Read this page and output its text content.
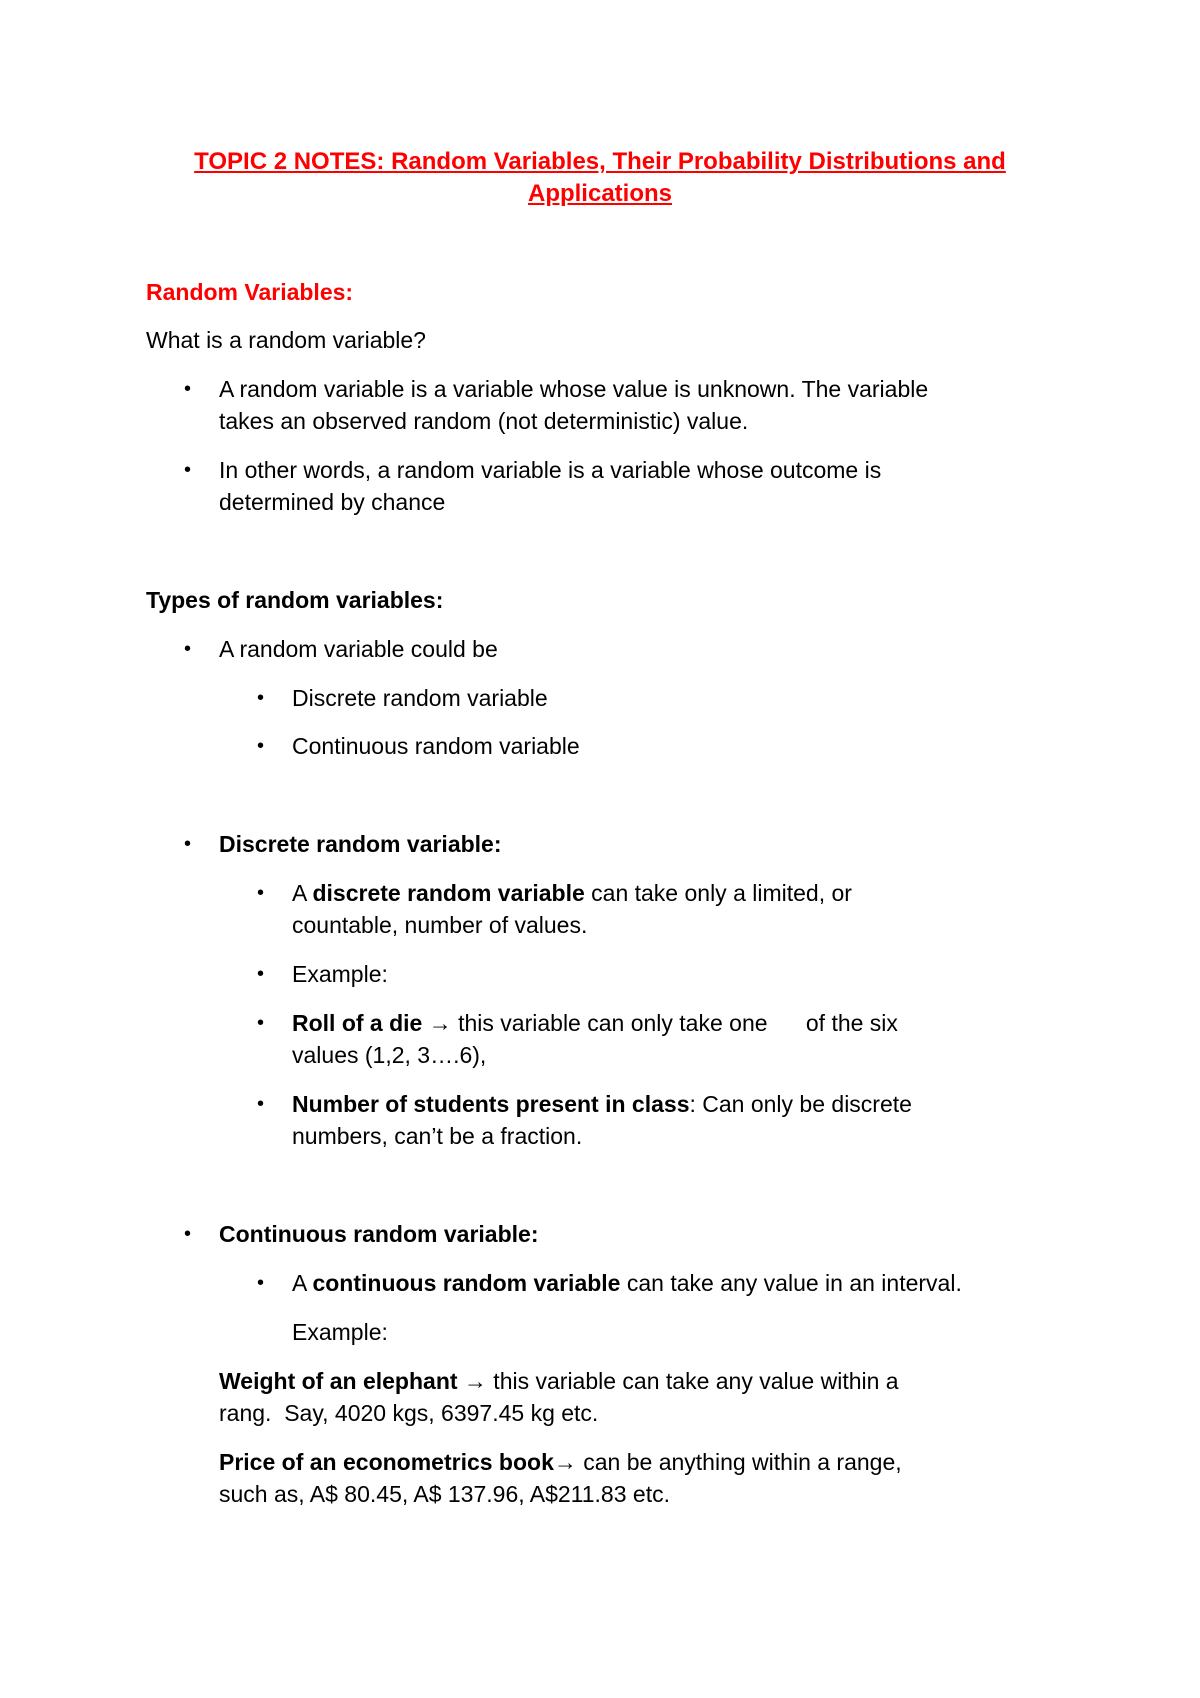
TOPIC 2 NOTES: Random Variables, Their Probability Distributions and
Applications
Random Variables:
What is a random variable?
• A random variable is a variable whose value is unknown. The variable
takes an observed random (not deterministic) value.
• In other words, a random variable is a variable whose outcome is
determined by chance
Types of random variables:
• A random variable could be
• Discrete random variable
• Continuous random variable
• Discrete random variable:
• A discrete random variable can take only a limited, or
countable, number of values.
• Example:
• Roll of a die → this variable can only take one      of the six
values (1,2, 3….6),
• Number of students present in class: Can only be discrete
numbers, can’t be a fraction.
• Continuous random variable:
• A continuous random variable can take any value in an interval.
Example:
Weight of an elephant → this variable can take any value within a
rang.  Say, 4020 kgs, 6397.45 kg etc.
Price of an econometrics book→ can be anything within a range,
such as, A$ 80.45, A$ 137.96, A$211.83 etc.
